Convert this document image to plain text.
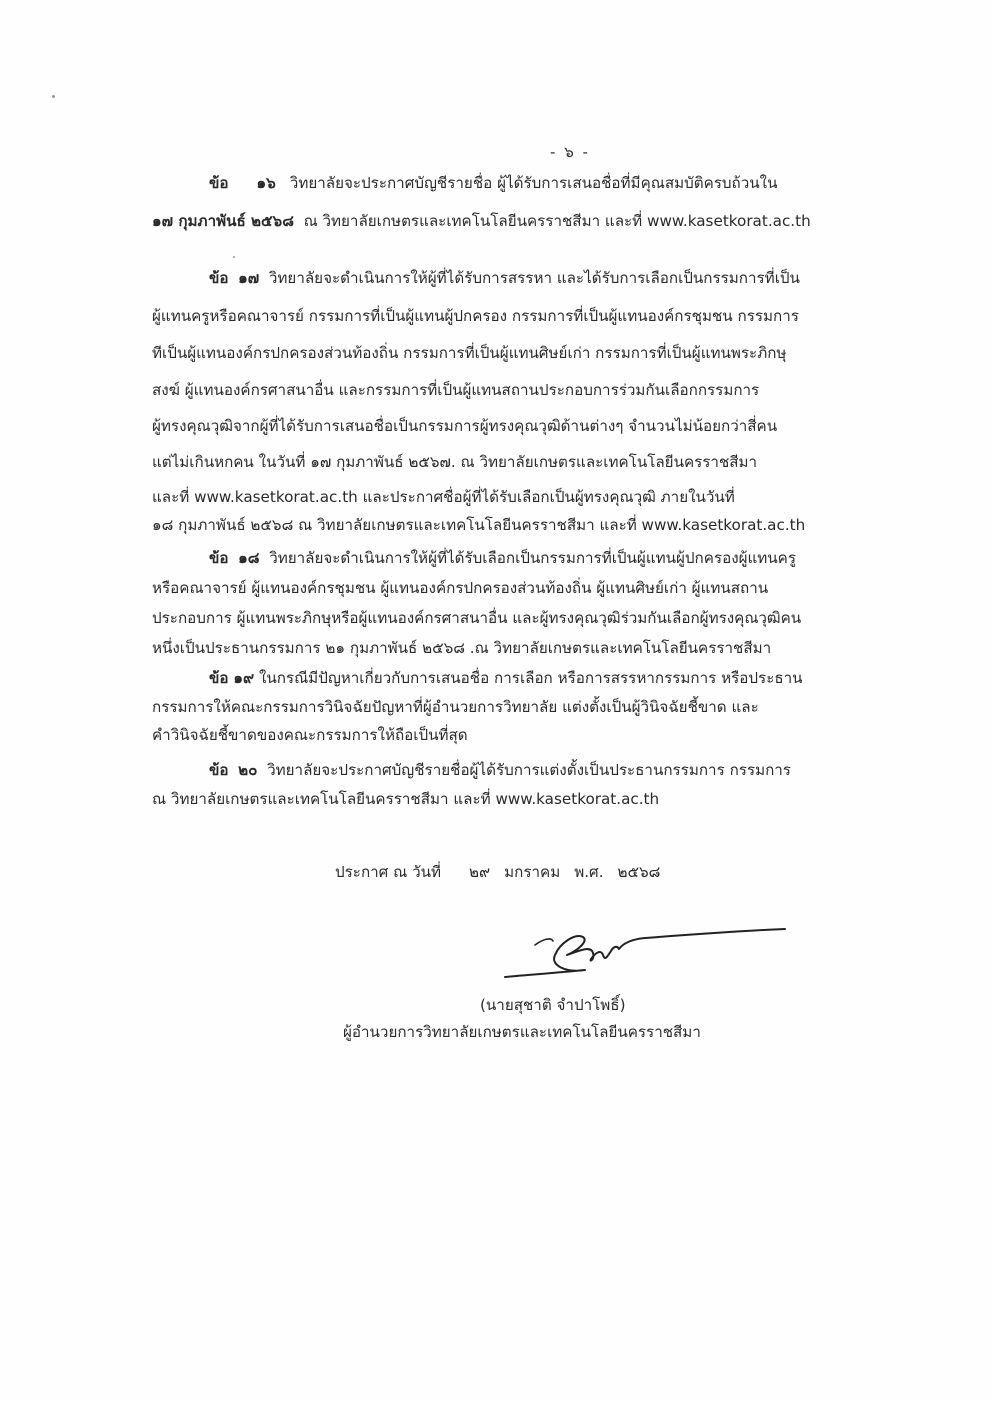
- ๖ -
ข้อ ๑๖ วิทยาลัยจะประกาศบัญชีรายชื่อ ผู้ได้รับการเสนอชื่อที่มีคุณสมบัติครบถ้วนใน
๑๗ กุมภาพันธ์ ๒๕๖๘ ณ วิทยาลัยเกษตรและเทคโนโลยีนครราชสีมา และที่ www.kasetkorat.ac.th
ข้อ ๑๗ วิทยาลัยจะดำเนินการให้ผู้ที่ได้รับการสรรหา และได้รับการเลือกเป็นกรรมการที่เป็น
ผู้แทนครูหรือคณาจารย์ กรรมการที่เป็นผู้แทนผู้ปกครอง กรรมการที่เป็นผู้แทนองค์กรชุมชน กรรมการ
ทีเป็นผู้แทนองค์กรปกครองส่วนท้องถิ่น กรรมการที่เป็นผู้แทนศิษย์เก่า กรรมการที่เป็นผู้แทนพระภิกษุ
สงฆ์ ผู้แทนองค์กรศาสนาอื่น และกรรมการที่เป็นผู้แทนสถานประกอบการร่วมกันเลือกกรรมการ
ผู้ทรงคุณวุฒิจากผู้ที่ได้รับการเสนอชื่อเป็นกรรมการผู้ทรงคุณวุฒิด้านต่างๆ จำนวนไม่น้อยกว่าสี่คน
แต่ไม่เกินหกคน ในวันที่ ๑๗ กุมภาพันธ์ ๒๕๖๗. ณ วิทยาลัยเกษตรและเทคโนโลยีนครราชสีมา
และที่ www.kasetkorat.ac.th และประกาศชื่อผู้ที่ได้รับเลือกเป็นผู้ทรงคุณวุฒิ ภายในวันที่
๑๘ กุมภาพันธ์ ๒๕๖๘ ณ วิทยาลัยเกษตรและเทคโนโลยีนครราชสีมา และที่ www.kasetkorat.ac.th
ข้อ ๑๘ วิทยาลัยจะดำเนินการให้ผู้ที่ได้รับเลือกเป็นกรรมการที่เป็นผู้แทนผู้ปกครองผู้แทนครู
หรือคณาจารย์ ผู้แทนองค์กรชุมชน ผู้แทนองค์กรปกครองส่วนท้องถิ่น ผู้แทนศิษย์เก่า ผู้แทนสถาน
ประกอบการ ผู้แทนพระภิกษุหรือผู้แทนองค์กรศาสนาอื่น และผู้ทรงคุณวุฒิร่วมกันเลือกผู้ทรงคุณวุฒิคน
หนึ่งเป็นประธานกรรมการ ๒๑ กุมภาพันธ์ ๒๕๖๘ .ณ วิทยาลัยเกษตรและเทคโนโลยีนครราชสีมา
ข้อ ๑๙ ในกรณีมีปัญหาเกี่ยวกับการเสนอชื่อ การเลือก หรือการสรรหากรรมการ หรือประธาน
กรรมการให้คณะกรรมการวินิจฉัยปัญหาที่ผู้อำนวยการวิทยาลัย แต่งตั้งเป็นผู้วินิจฉัยชี้ขาด และ
คำวินิจฉัยชี้ขาดของคณะกรรมการให้ถือเป็นที่สุด
ข้อ ๒๐ วิทยาลัยจะประกาศบัญชีรายชื่อผู้ได้รับการแต่งตั้งเป็นประธานกรรมการ กรรมการ
ณ วิทยาลัยเกษตรและเทคโนโลยีนครราชสีมา และที่ www.kasetkorat.ac.th
ประกาศ ณ วันที่ ๒๙ มกราคม พ.ศ. ๒๕๖๘
(นายสุชาติ จำปาโพธิ์)
ผู้อำนวยการวิทยาลัยเกษตรและเทคโนโลยีนครราชสีมา
